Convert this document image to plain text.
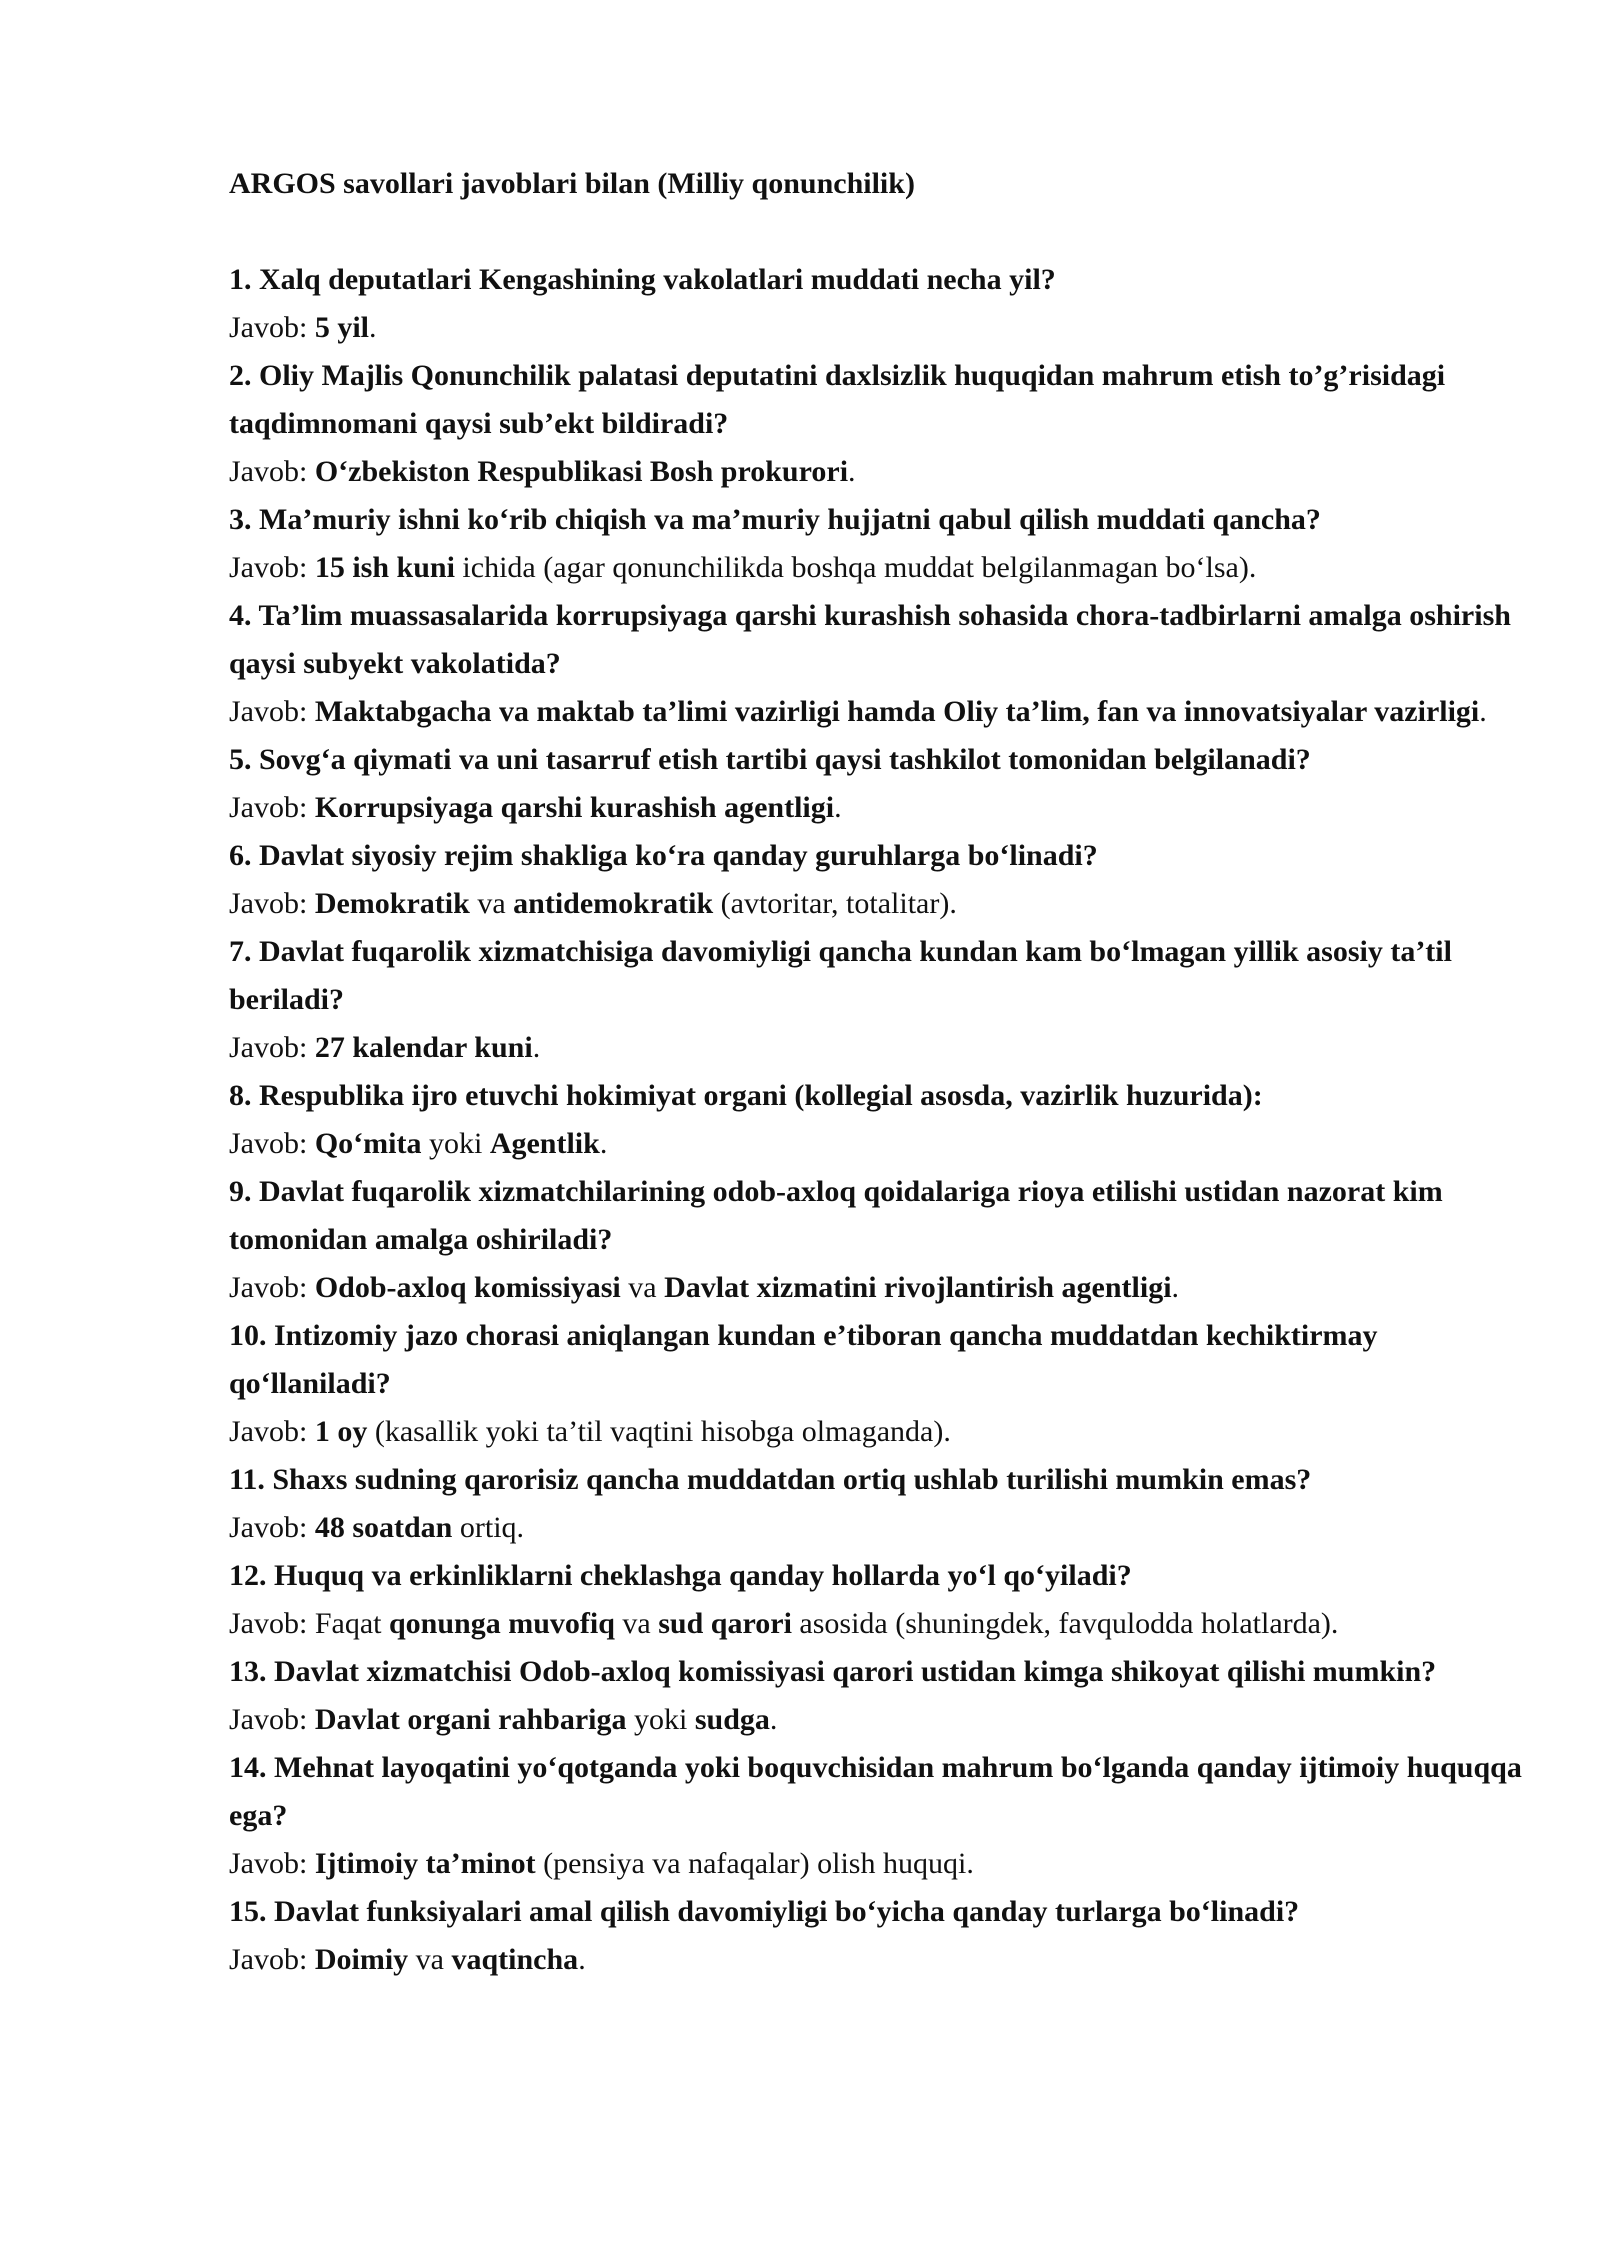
ARGOS savollari javoblari bilan (Milliy qonunchilik)
1. Xalq deputatlari Kengashining vakolatlari muddati necha yil?
Javob: 5 yil.
2. Oliy Majlis Qonunchilik palatasi deputatini daxlsizlik huquqidan mahrum etish to’g’risidagi taqdimnomani qaysi sub’ekt bildiradi?
Javob: O‘zbekiston Respublikasi Bosh prokurori.
3. Ma’muriy ishni ko‘rib chiqish va ma’muriy hujjatni qabul qilish muddati qancha?
Javob: 15 ish kuni ichida (agar qonunchilikda boshqa muddat belgilanmagan bo‘lsa).
4. Ta’lim muassasalarida korrupsiyaga qarshi kurashish sohasida chora-tadbirlarni amalga oshirish qaysi subyekt vakolatida?
Javob: Maktabgacha va maktab ta’limi vazirligi hamda Oliy ta’lim, fan va innovatsiyalar vazirligi.
5. Sovg‘a qiymati va uni tasarruf etish tartibi qaysi tashkilot tomonidan belgilanadi?
Javob: Korrupsiyaga qarshi kurashish agentligi.
6. Davlat siyosiy rejim shakliga ko‘ra qanday guruhlarga bo‘linadi?
Javob: Demokratik va antidemokratik (avtoritar, totalitar).
7. Davlat fuqarolik xizmatchisiga davomiyligi qancha kundan kam bo‘lmagan yillik asosiy ta’til beriladi?
Javob: 27 kalendar kuni.
8. Respublika ijro etuvchi hokimiyat organi (kollegial asosda, vazirlik huzurida):
Javob: Qo‘mita yoki Agentlik.
9. Davlat fuqarolik xizmatchilarining odob-axloq qoidalariga rioya etilishi ustidan nazorat kim tomonidan amalga oshiriladi?
Javob: Odob-axloq komissiyasi va Davlat xizmatini rivojlantirish agentligi.
10. Intizomiy jazo chorasi aniqlangan kundan e’tiboran qancha muddatdan kechiktirmay qo‘llaniladi?
Javob: 1 oy (kasallik yoki ta’til vaqtini hisobga olmaganda).
11. Shaxs sudning qarorisiz qancha muddatdan ortiq ushlab turilishi mumkin emas?
Javob: 48 soatdan ortiq.
12. Huquq va erkinliklarni cheklashga qanday hollarda yo‘l qo‘yiladi?
Javob: Faqat qonunga muvofiq va sud qarori asosida (shuningdek, favqulodda holatlarda).
13. Davlat xizmatchisi Odob-axloq komissiyasi qarori ustidan kimga shikoyat qilishi mumkin?
Javob: Davlat organi rahbariga yoki sudga.
14. Mehnat layoqatini yo‘qotganda yoki boquvchisidan mahrum bo‘lganda qanday ijtimoiy huquqqa ega?
Javob: Ijtimoiy ta’minot (pensiya va nafaqalar) olish huquqi.
15. Davlat funksiyalari amal qilish davomiyligi bo‘yicha qanday turlarga bo‘linadi?
Javob: Doimiy va vaqtincha.
